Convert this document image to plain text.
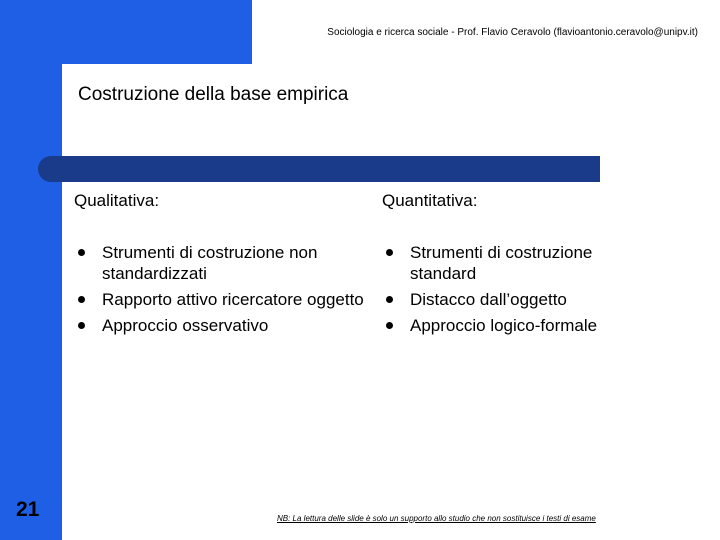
Sociologia e ricerca sociale - Prof. Flavio Ceravolo (flavioantonio.ceravolo@unipv.it)
Costruzione della base empirica
Qualitativa:
Strumenti di costruzione non standardizzati
Rapporto attivo ricercatore oggetto
Approccio osservativo
Quantitativa:
Strumenti di costruzione standard
Distacco dall’oggetto
Approccio logico-formale
21	NB: La lettura delle slide è solo un supporto allo studio che non sostituisce i testi di esame
